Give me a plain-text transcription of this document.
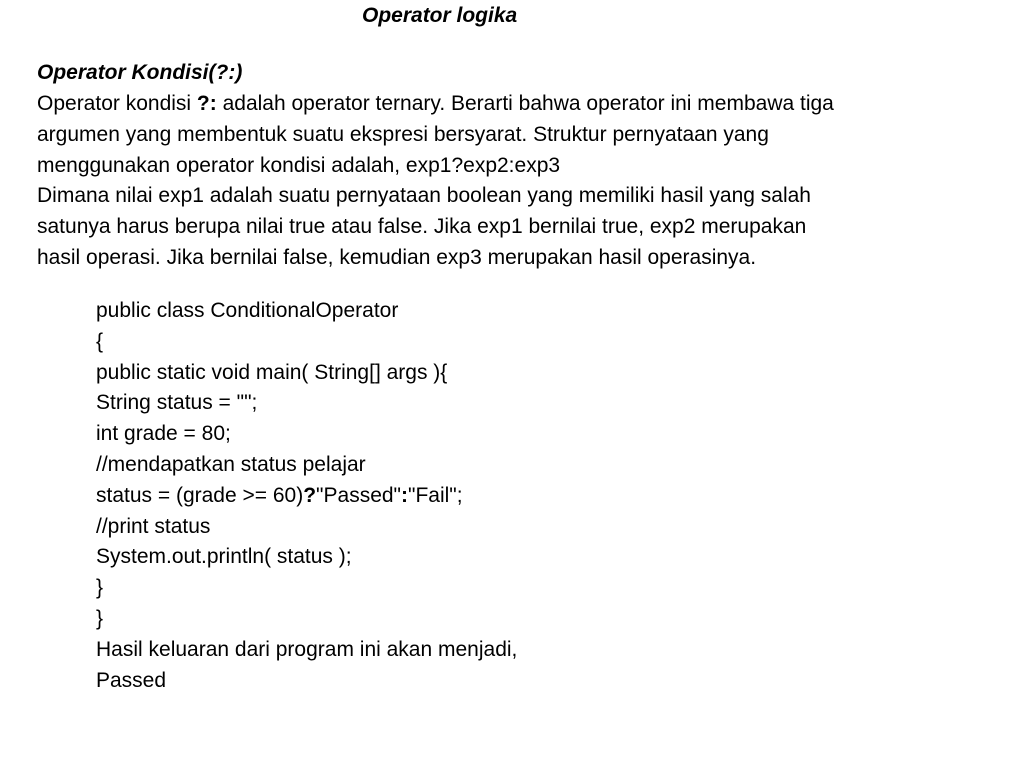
Operator logika
Operator Kondisi(?:)
Operator kondisi ?: adalah operator ternary. Berarti bahwa operator ini membawa tiga
argumen yang membentuk suatu ekspresi bersyarat. Struktur pernyataan yang
menggunakan operator kondisi adalah, exp1?exp2:exp3
Dimana nilai exp1 adalah suatu pernyataan boolean yang memiliki hasil yang salah
satunya harus berupa nilai true atau false. Jika exp1 bernilai true, exp2 merupakan
hasil operasi. Jika bernilai false, kemudian exp3 merupakan hasil operasinya.
public class ConditionalOperator
{
public static void main( String[] args ){
String status = "";
int grade = 80;
//mendapatkan status pelajar
status = (grade >= 60)?"Passed":"Fail";
//print status
System.out.println( status );
}
}
Hasil keluaran dari program ini akan menjadi,
Passed
